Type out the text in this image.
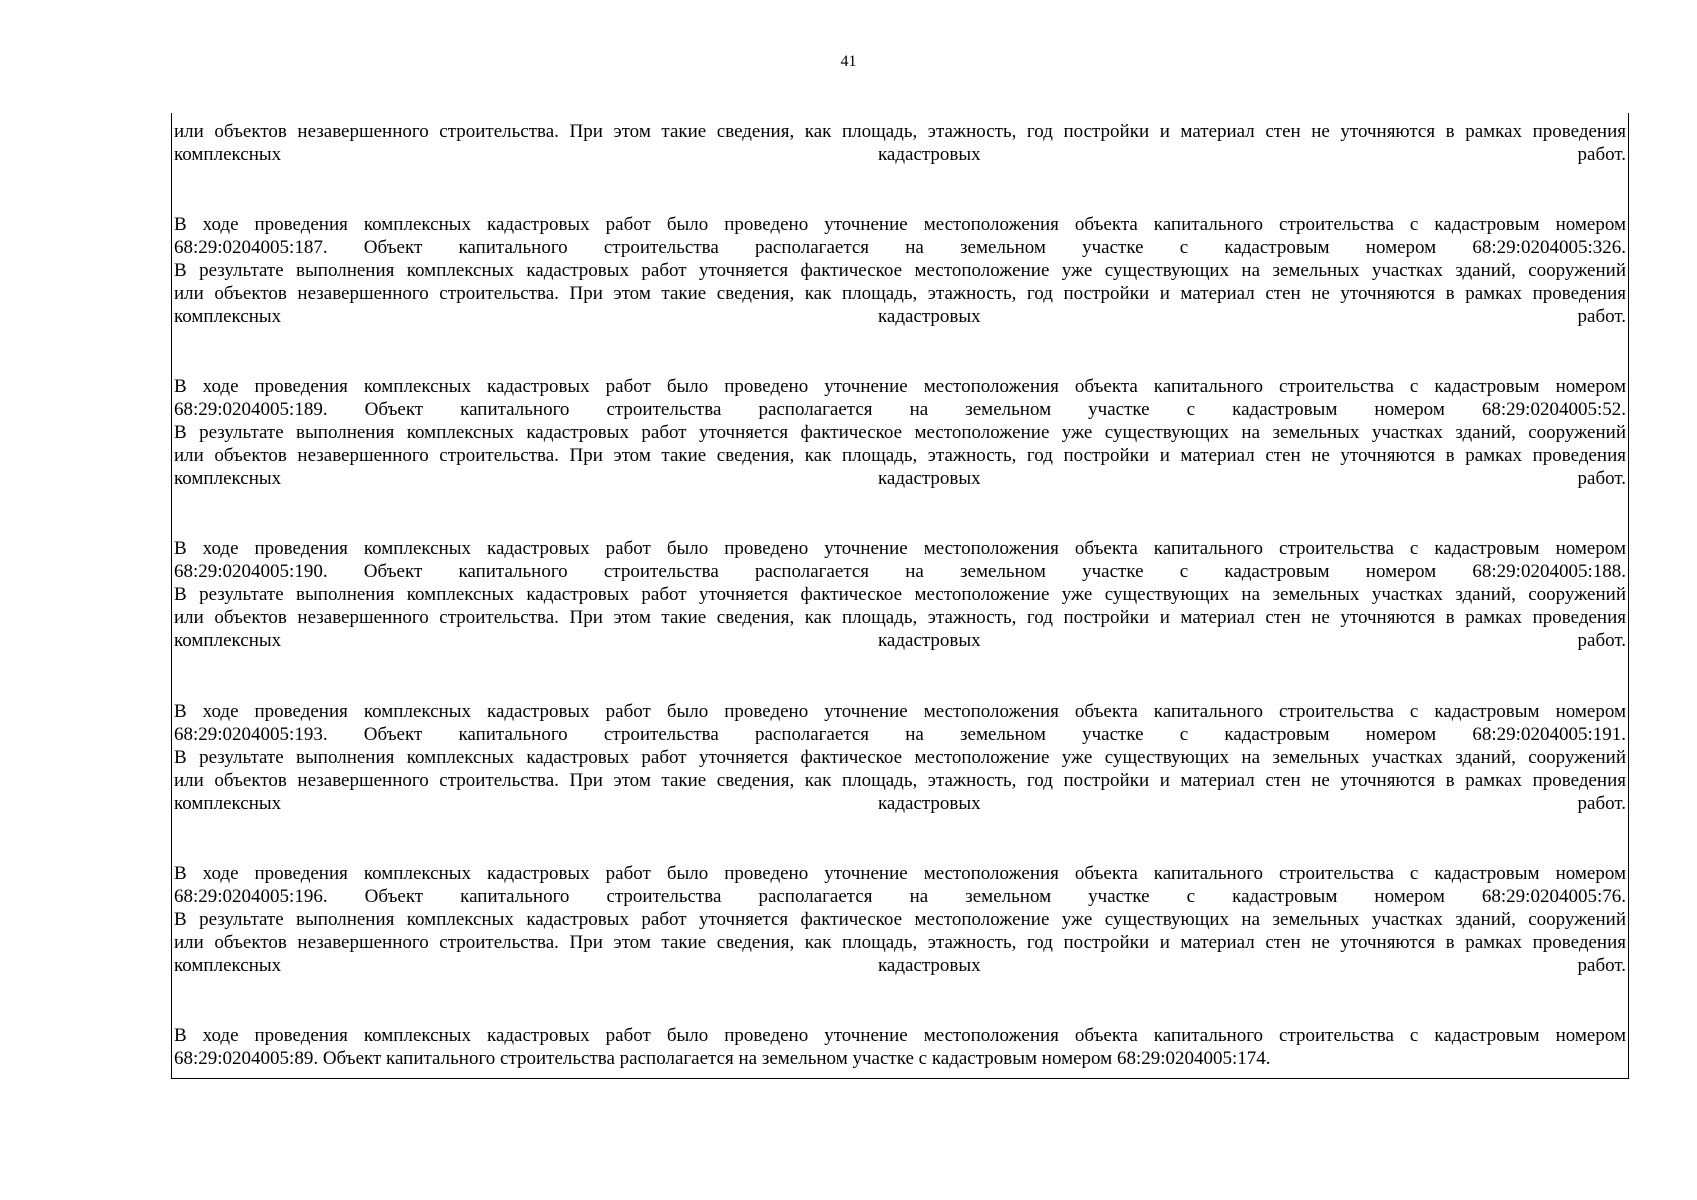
41
или объектов незавершенного строительства. При этом такие сведения, как площадь, этажность, год постройки и материал стен не уточняются в рамках проведения
комплексных кадастровых работ.
В ходе проведения комплексных кадастровых работ было проведено уточнение местоположения объекта капитального строительства с кадастровым номером
68:29:0204005:187. Объект капитального строительства располагается на земельном участке с кадастровым номером 68:29:0204005:326.
В результате выполнения комплексных кадастровых работ уточняется фактическое местоположение уже существующих на земельных участках зданий, сооружений
или объектов незавершенного строительства. При этом такие сведения, как площадь, этажность, год постройки и материал стен не уточняются в рамках проведения
комплексных кадастровых работ.
В ходе проведения комплексных кадастровых работ было проведено уточнение местоположения объекта капитального строительства с кадастровым номером
68:29:0204005:189. Объект капитального строительства располагается на земельном участке с кадастровым номером 68:29:0204005:52.
В результате выполнения комплексных кадастровых работ уточняется фактическое местоположение уже существующих на земельных участках зданий, сооружений
или объектов незавершенного строительства. При этом такие сведения, как площадь, этажность, год постройки и материал стен не уточняются в рамках проведения
комплексных кадастровых работ.
В ходе проведения комплексных кадастровых работ было проведено уточнение местоположения объекта капитального строительства с кадастровым номером
68:29:0204005:190. Объект капитального строительства располагается на земельном участке с кадастровым номером 68:29:0204005:188.
В результате выполнения комплексных кадастровых работ уточняется фактическое местоположение уже существующих на земельных участках зданий, сооружений
или объектов незавершенного строительства. При этом такие сведения, как площадь, этажность, год постройки и материал стен не уточняются в рамках проведения
комплексных кадастровых работ.
В ходе проведения комплексных кадастровых работ было проведено уточнение местоположения объекта капитального строительства с кадастровым номером
68:29:0204005:193. Объект капитального строительства располагается на земельном участке с кадастровым номером 68:29:0204005:191.
В результате выполнения комплексных кадастровых работ уточняется фактическое местоположение уже существующих на земельных участках зданий, сооружений
или объектов незавершенного строительства. При этом такие сведения, как площадь, этажность, год постройки и материал стен не уточняются в рамках проведения
комплексных кадастровых работ.
В ходе проведения комплексных кадастровых работ было проведено уточнение местоположения объекта капитального строительства с кадастровым номером
68:29:0204005:196. Объект капитального строительства располагается на земельном участке с кадастровым номером 68:29:0204005:76.
В результате выполнения комплексных кадастровых работ уточняется фактическое местоположение уже существующих на земельных участках зданий, сооружений
или объектов незавершенного строительства. При этом такие сведения, как площадь, этажность, год постройки и материал стен не уточняются в рамках проведения
комплексных кадастровых работ.
В ходе проведения комплексных кадастровых работ было проведено уточнение местоположения объекта капитального строительства с кадастровым номером
68:29:0204005:89. Объект капитального строительства располагается на земельном участке с кадастровым номером 68:29:0204005:174.
